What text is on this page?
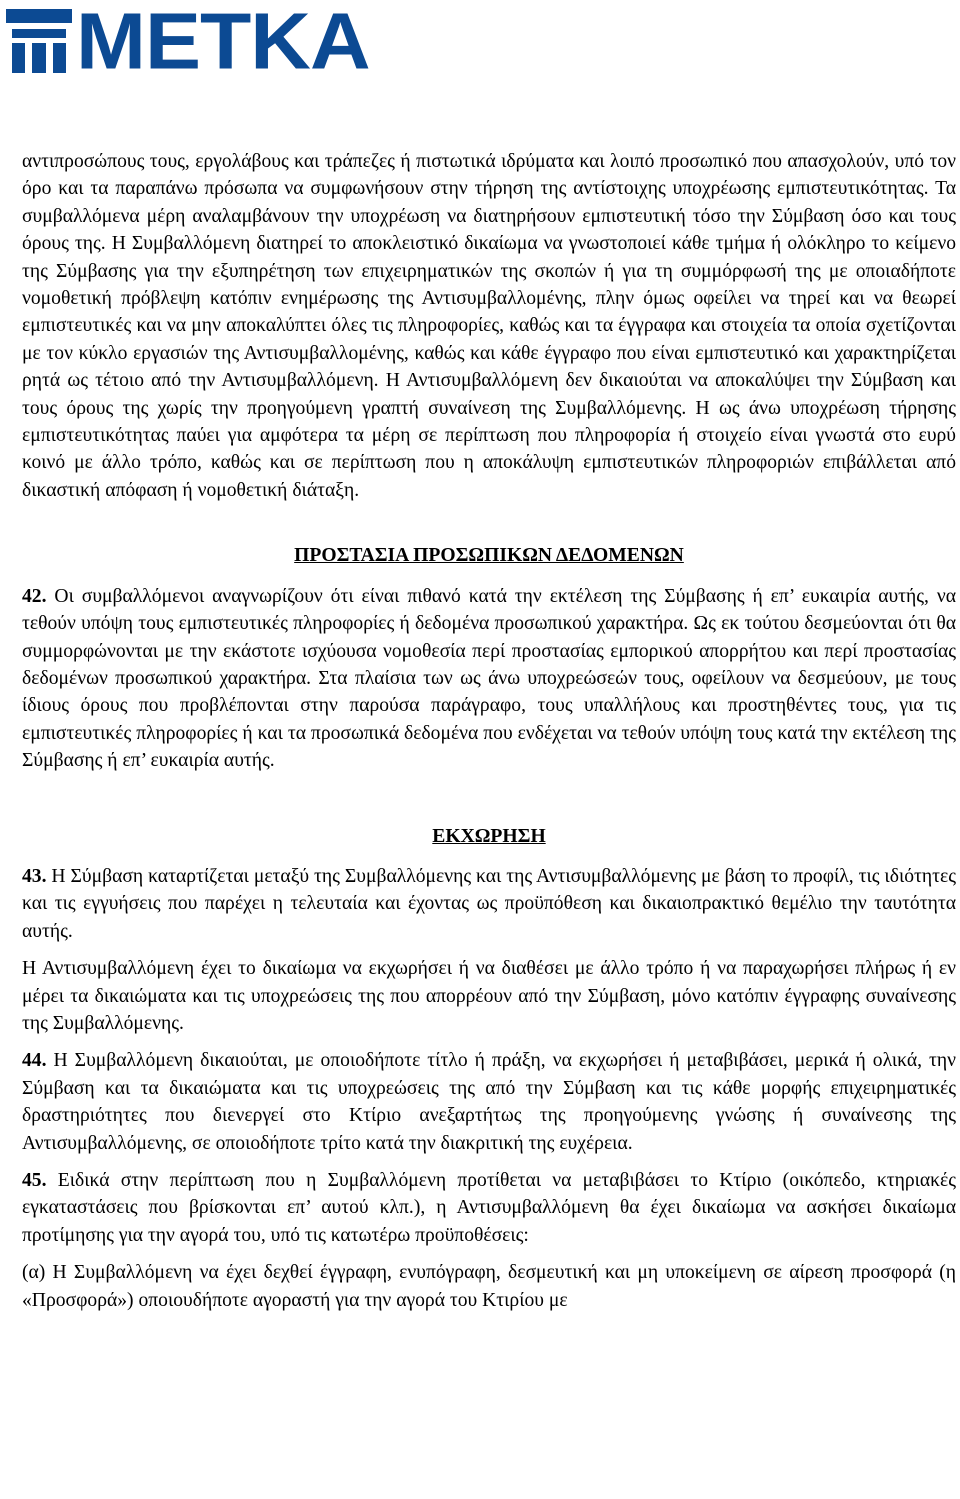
METKA

αντιπροσώπους τους, εργολάβους και τράπεζες ή πιστωτικά ιδρύματα και λοιπό προσωπικό που απασχολούν, υπό τον όρο και τα παραπάνω πρόσωπα να συμφωνήσουν στην τήρηση της αντίστοιχης υποχρέωσης εμπιστευτικότητας. Τα συμβαλλόμενα μέρη αναλαμβάνουν την υποχρέωση να διατηρήσουν εμπιστευτική τόσο την Σύμβαση όσο και τους όρους της. Η Συμβαλλόμενη διατηρεί το αποκλειστικό δικαίωμα να γνωστοποιεί κάθε τμήμα ή ολόκληρο το κείμενο της Σύμβασης για την εξυπηρέτηση των επιχειρηματικών της σκοπών ή για τη συμμόρφωσή της με οποιαδήποτε νομοθετική πρόβλεψη κατόπιν ενημέρωσης της Αντισυμβαλλομένης, πλην όμως οφείλει να τηρεί και να θεωρεί εμπιστευτικές και να μην αποκαλύπτει όλες τις πληροφορίες, καθώς και τα έγγραφα και στοιχεία τα οποία σχετίζονται με τον κύκλο εργασιών της Αντισυμβαλλομένης, καθώς και κάθε έγγραφο που είναι εμπιστευτικό και χαρακτηρίζεται ρητά ως τέτοιο από την Αντισυμβαλλόμενη. Η Αντισυμβαλλόμενη δεν δικαιούται να αποκαλύψει την Σύμβαση και τους όρους της χωρίς την προηγούμενη γραπτή συναίνεση της Συμβαλλόμενης. Η ως άνω υποχρέωση τήρησης εμπιστευτικότητας παύει για αμφότερα τα μέρη σε περίπτωση που πληροφορία ή στοιχείο είναι γνωστά στο ευρύ κοινό με άλλο τρόπο, καθώς και σε περίπτωση που η αποκάλυψη εμπιστευτικών πληροφοριών επιβάλλεται από δικαστική απόφαση ή νομοθετική διάταξη.

ΠΡΟΣΤΑΣΙΑ ΠΡΟΣΩΠΙΚΩΝ ΔΕΔΟΜΕΝΩΝ

42. Οι συμβαλλόμενοι αναγνωρίζουν ότι είναι πιθανό κατά την εκτέλεση της Σύμβασης ή επ’ ευκαιρία αυτής, να τεθούν υπόψη τους εμπιστευτικές πληροφορίες ή δεδομένα προσωπικού χαρακτήρα. Ως εκ τούτου δεσμεύονται ότι θα συμμορφώνονται με την εκάστοτε ισχύουσα νομοθεσία περί προστασίας εμπορικού απορρήτου και περί προστασίας δεδομένων προσωπικού χαρακτήρα. Στα πλαίσια των ως άνω υποχρεώσεών τους, οφείλουν να δεσμεύουν, με τους ίδιους όρους που προβλέπονται στην παρούσα παράγραφο, τους υπαλλήλους και προστηθέντες τους, για τις εμπιστευτικές πληροφορίες ή και τα προσωπικά δεδομένα που ενδέχεται να τεθούν υπόψη τους κατά την εκτέλεση της Σύμβασης ή επ’ ευκαιρία αυτής.

ΕΚΧΩΡΗΣΗ

43. Η Σύμβαση καταρτίζεται μεταξύ της Συμβαλλόμενης και της Αντισυμβαλλόμενης με βάση το προφίλ, τις ιδιότητες και τις εγγυήσεις που παρέχει η τελευταία και έχοντας ως προϋπόθεση και δικαιοπρακτικό θεμέλιο την ταυτότητα αυτής.

Η Αντισυμβαλλόμενη έχει το δικαίωμα να εκχωρήσει ή να διαθέσει με άλλο τρόπο ή να παραχωρήσει πλήρως ή εν μέρει τα δικαιώματα και τις υποχρεώσεις της που απορρέουν από την Σύμβαση, μόνο κατόπιν έγγραφης συναίνεσης της Συμβαλλόμενης.

44. Η Συμβαλλόμενη δικαιούται, με οποιοδήποτε τίτλο ή πράξη, να εκχωρήσει ή μεταβιβάσει, μερικά ή ολικά, την Σύμβαση και τα δικαιώματα και τις υποχρεώσεις της από την Σύμβαση και τις κάθε μορφής επιχειρηματικές δραστηριότητες που διενεργεί στο Κτίριο ανεξαρτήτως της προηγούμενης γνώσης ή συναίνεσης της Αντισυμβαλλόμενης, σε οποιοδήποτε τρίτο κατά την διακριτική της ευχέρεια.

45. Ειδικά στην περίπτωση που η Συμβαλλόμενη προτίθεται να μεταβιβάσει το Κτίριο (οικόπεδο, κτηριακές εγκαταστάσεις που βρίσκονται επ’ αυτού κλπ.), η Αντισυμβαλλόμενη θα έχει δικαίωμα να ασκήσει δικαίωμα προτίμησης για την αγορά του, υπό τις κατωτέρω προϋποθέσεις:

(α) Η Συμβαλλόμενη να έχει δεχθεί έγγραφη, ενυπόγραφη, δεσμευτική και μη υποκείμενη σε αίρεση προσφορά (η «Προσφορά») οποιουδήποτε αγοραστή για την αγορά του Κτιρίου με
